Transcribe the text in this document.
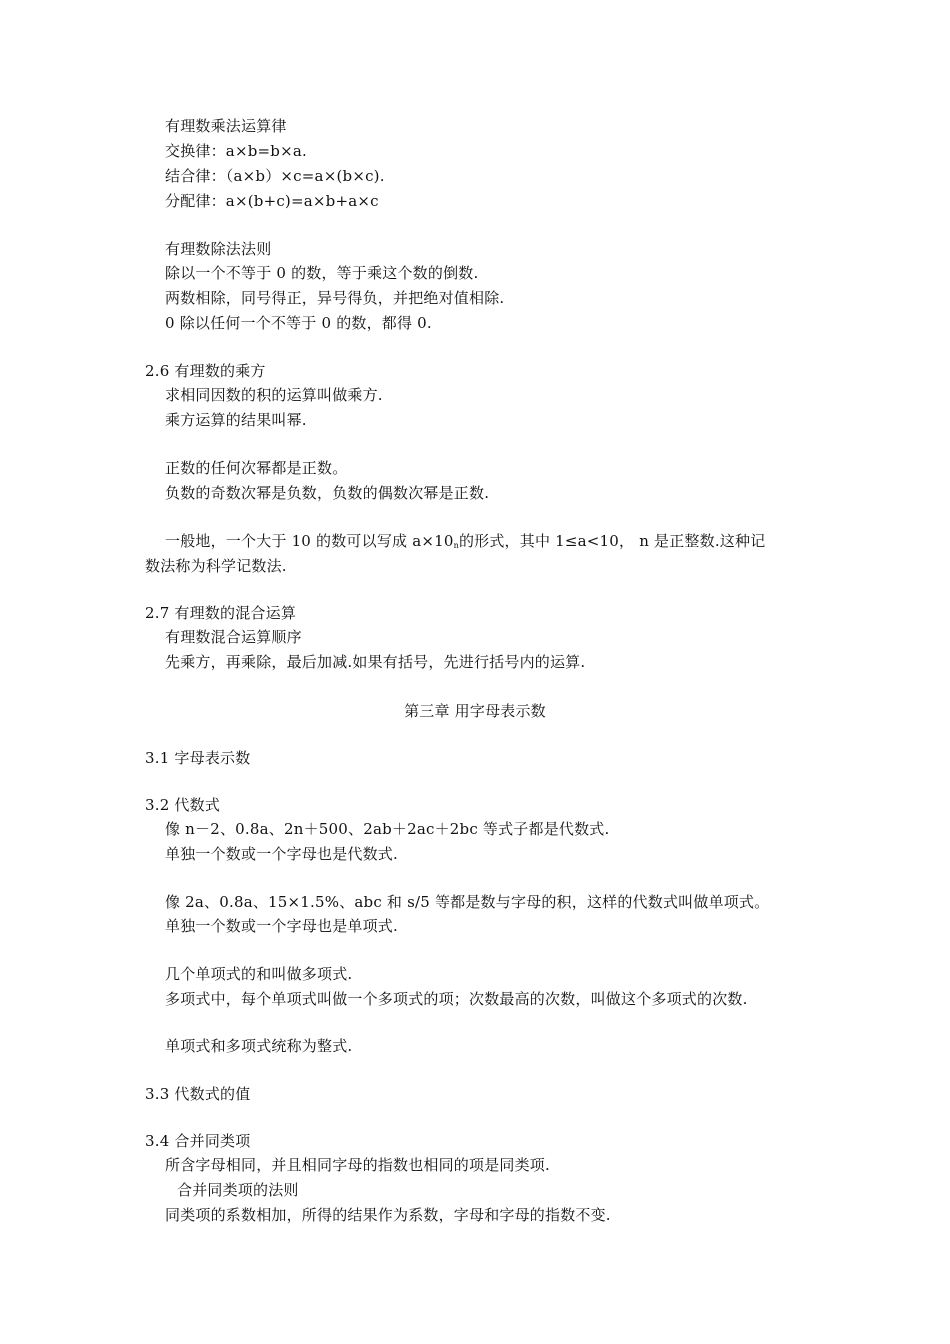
有理数乘法运算律
交换律：a×b=b×a.
结合律：（a×b）×c=a×(b×c).
分配律：a×(b+c)=a×b+a×c
有理数除法法则
除以一个不等于 0 的数，等于乘这个数的倒数.
两数相除，同号得正，异号得负，并把绝对值相除.
0 除以任何一个不等于 0 的数，都得 0.
2.6 有理数的乘方
求相同因数的积的运算叫做乘方.
乘方运算的结果叫幂.
正数的任何次幂都是正数。
负数的奇数次幂是负数，负数的偶数次幂是正数.
一般地，一个大于 10 的数可以写成 $a\times 10_n$的形式，其中 1≤a<10， n 是正整数.这种记
数法称为科学记数法.
2.7 有理数的混合运算
有理数混合运算顺序
先乘方，再乘除，最后加减.如果有括号，先进行括号内的运算.
第三章 用字母表示数
3.1 字母表示数
3.2 代数式
像 n－2、0.8a、2n＋500、2ab＋2ac＋2bc 等式子都是代数式.
单独一个数或一个字母也是代数式.
像 2a、0.8a、15×1.5%、abc 和 s/5 等都是数与字母的积，这样的代数式叫做单项式。
单独一个数或一个字母也是单项式.
几个单项式的和叫做多项式.
多项式中，每个单项式叫做一个多项式的项；次数最高的次数，叫做这个多项式的次数.
单项式和多项式统称为整式.
3.3 代数式的值
3.4 合并同类项
所含字母相同，并且相同字母的指数也相同的项是同类项.
合并同类项的法则
同类项的系数相加，所得的结果作为系数，字母和字母的指数不变.
